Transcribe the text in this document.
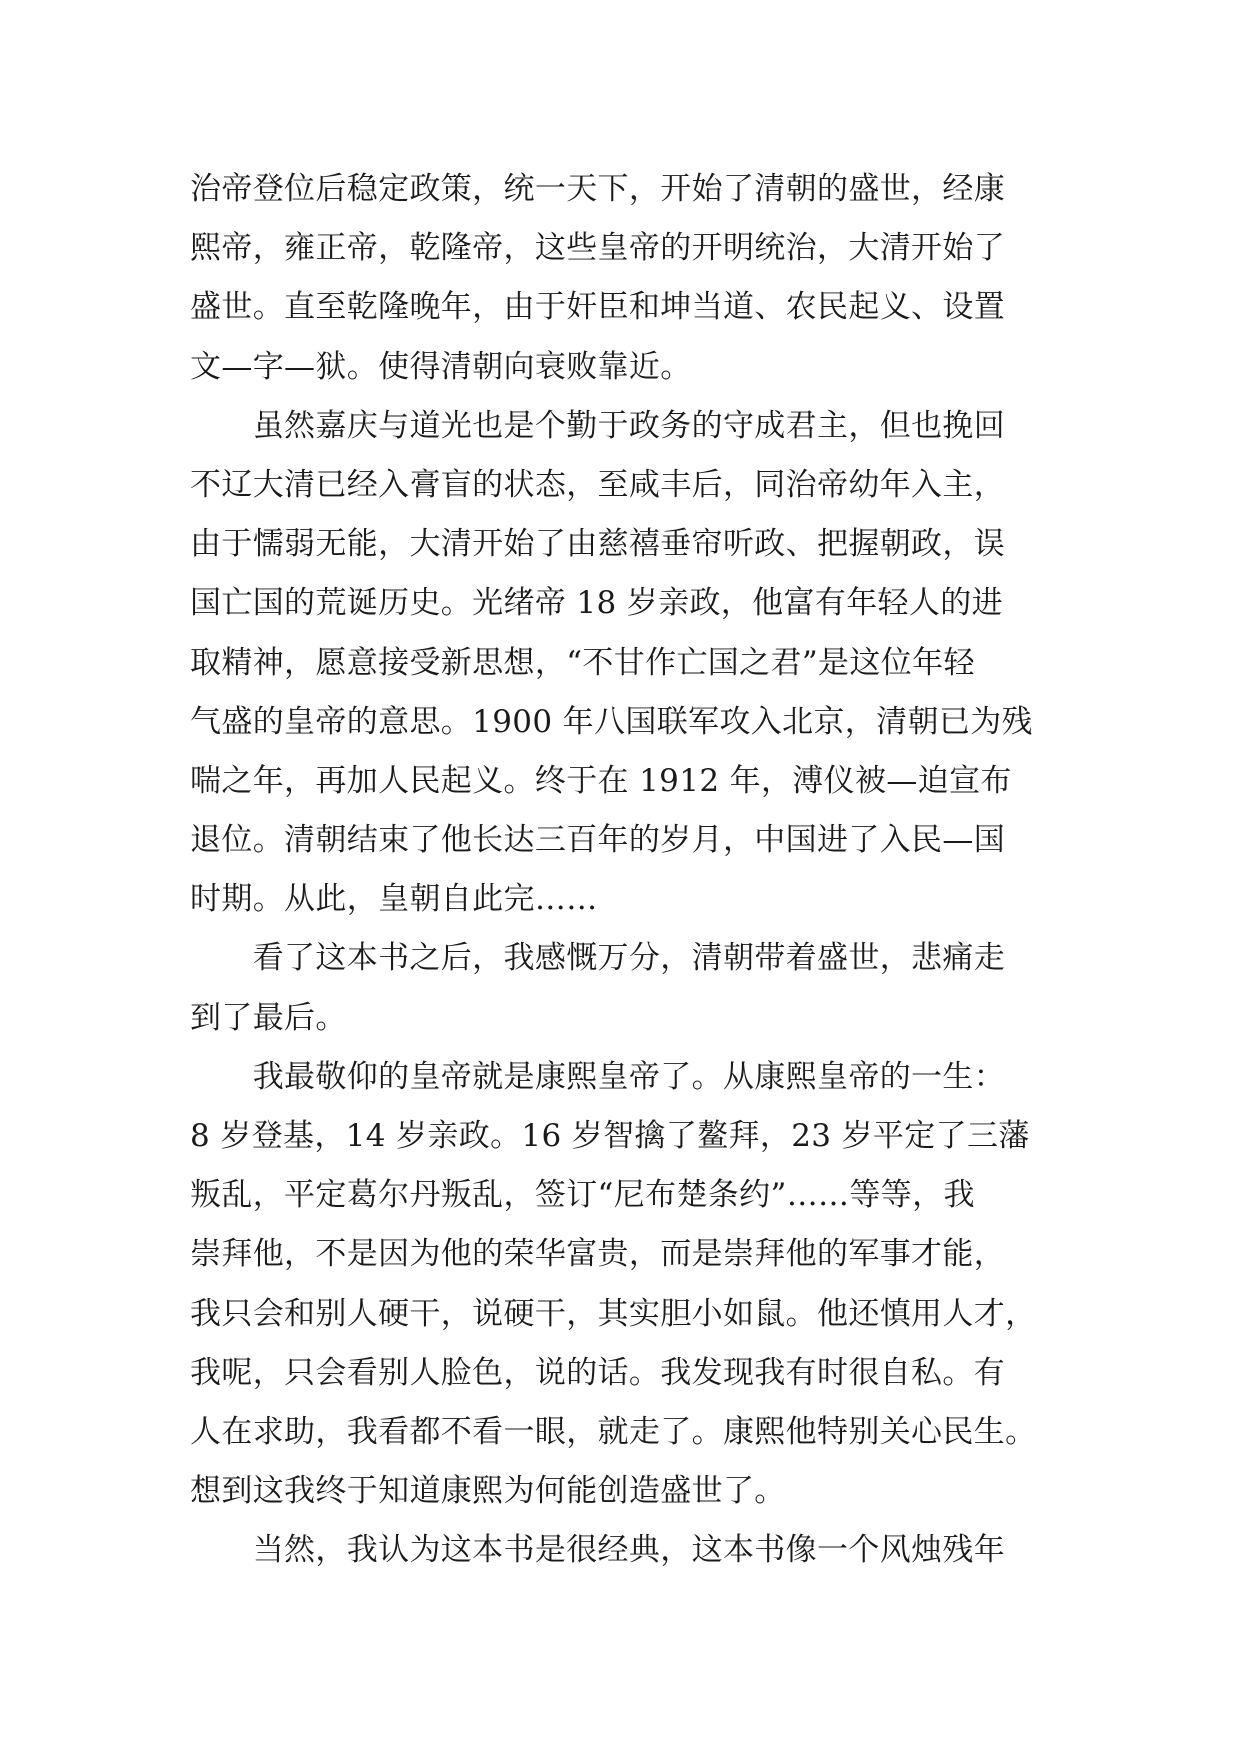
治帝登位后稳定政策，统一天下，开始了清朝的盛世，经康
熙帝，雍正帝，乾隆帝，这些皇帝的开明统治，大清开始了
盛世。直至乾隆晚年，由于奸臣和坤当道、农民起义、设置
文—字—狱。使得清朝向衰败靠近。
　　虽然嘉庆与道光也是个勤于政务的守成君主，但也挽回
不辽大清已经入膏盲的状态，至咸丰后，同治帝幼年入主，
由于懦弱无能，大清开始了由慈禧垂帘听政、把握朝政，误
国亡国的荒诞历史。光绪帝 18 岁亲政，他富有年轻人的进
取精神，愿意接受新思想，“不甘作亡国之君”是这位年轻
气盛的皇帝的意思。1900 年八国联军攻入北京，清朝已为残
喘之年，再加人民起义。终于在 1912 年，溥仪被—迫宣布
退位。清朝结束了他长达三百年的岁月，中国进了入民—国
时期。从此，皇朝自此完……
　　看了这本书之后，我感慨万分，清朝带着盛世，悲痛走
到了最后。
　　我最敬仰的皇帝就是康熙皇帝了。从康熙皇帝的一生：
8 岁登基，14 岁亲政。16 岁智擒了鳌拜，23 岁平定了三藩
叛乱，平定葛尔丹叛乱，签订“尼布楚条约”……等等，我
崇拜他，不是因为他的荣华富贵，而是崇拜他的军事才能，
我只会和别人硬干，说硬干，其实胆小如鼠。他还慎用人才，
我呢，只会看别人脸色，说的话。我发现我有时很自私。有
人在求助，我看都不看一眼，就走了。康熙他特别关心民生。
想到这我终于知道康熙为何能创造盛世了。
　　当然，我认为这本书是很经典，这本书像一个风烛残年
